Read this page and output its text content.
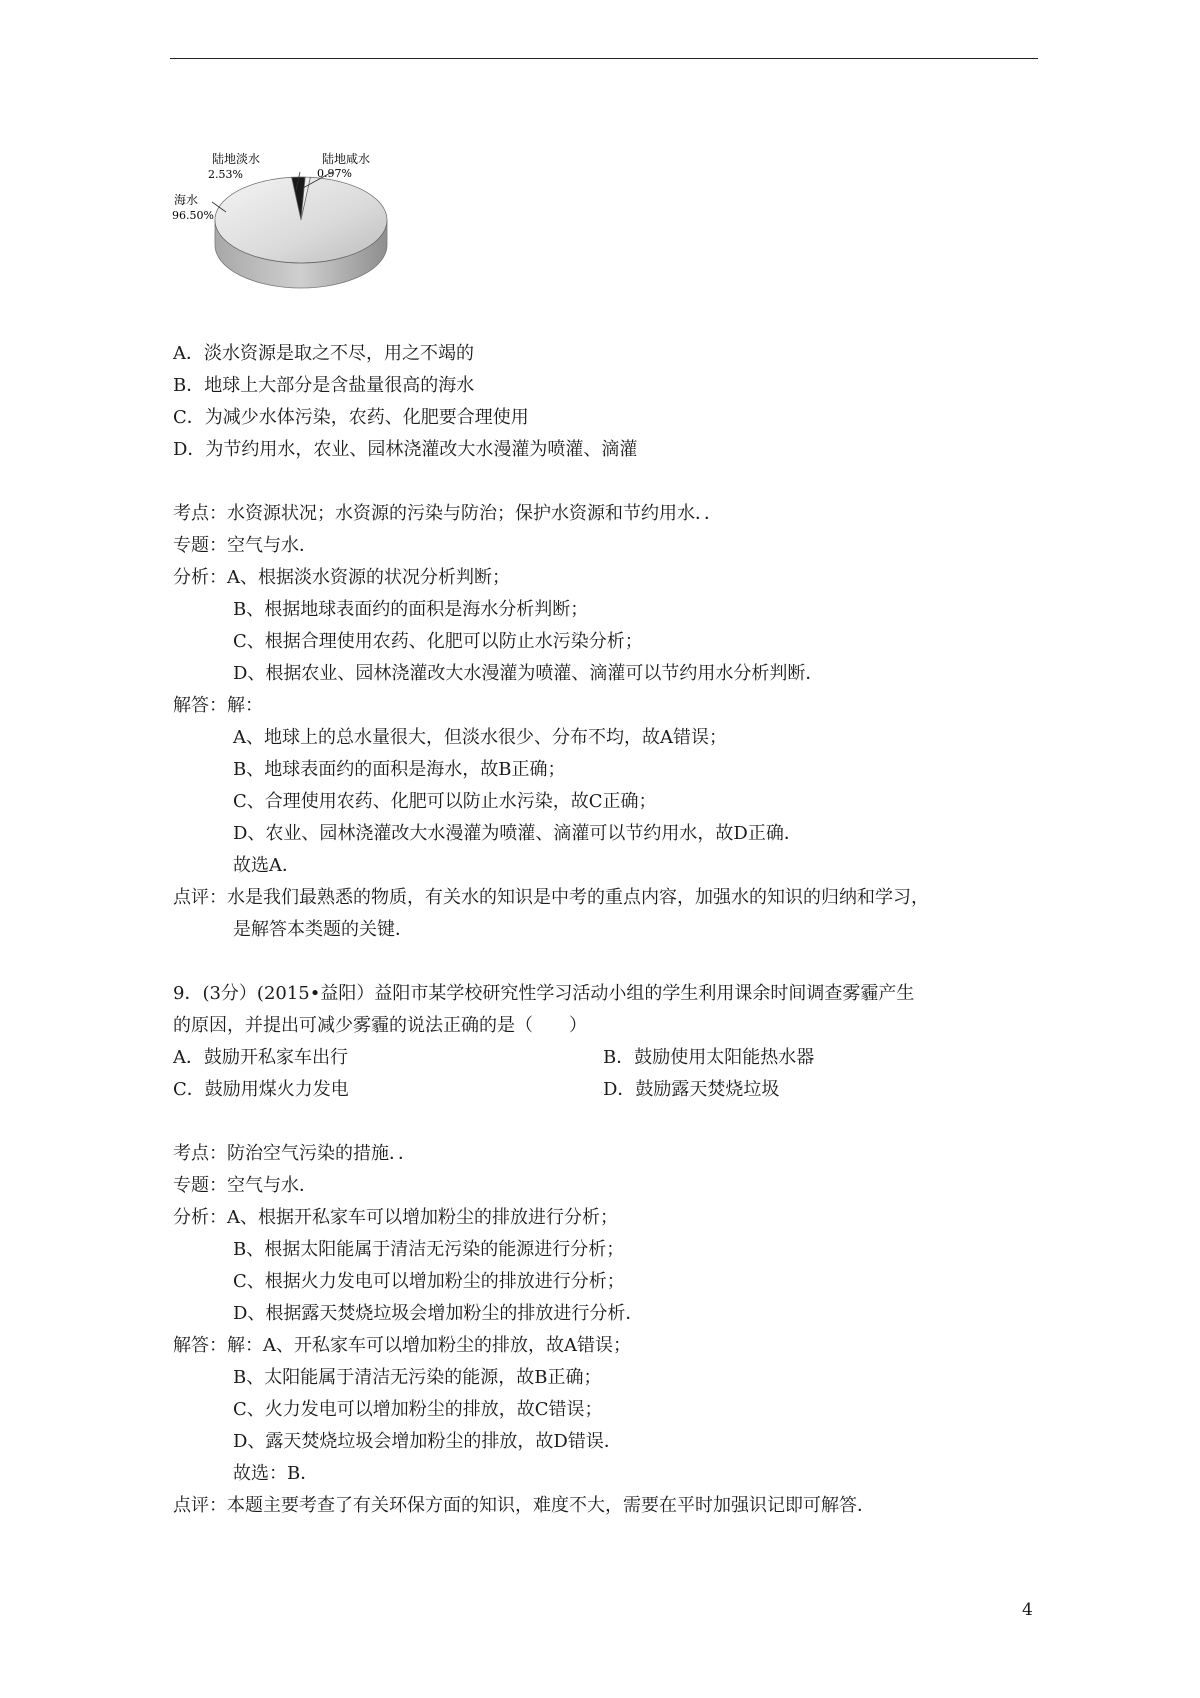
陆地淡水
2.53%
陆地咸水
0.97%
海水
96.50%
A．淡水资源是取之不尽，用之不竭的
B．地球上大部分是含盐量很高的海水
C．为减少水体污染，农药、化肥要合理使用
D．为节约用水，农业、园林浇灌改大水漫灌为喷灌、滴灌
考点：水资源状况；水资源的污染与防治；保护水资源和节约用水．．
专题：空气与水．
分析：A、根据淡水资源的状况分析判断；
B、根据地球表面约的面积是海水分析判断；
C、根据合理使用农药、化肥可以防止水污染分析；
D、根据农业、园林浇灌改大水漫灌为喷灌、滴灌可以节约用水分析判断．
解答：解：
A、地球上的总水量很大，但淡水很少、分布不均，故A错误；
B、地球表面约的面积是海水，故B正确；
C、合理使用农药、化肥可以防止水污染，故C正确；
D、农业、园林浇灌改大水漫灌为喷灌、滴灌可以节约用水，故D正确．
故选A．
点评：水是我们最熟悉的物质，有关水的知识是中考的重点内容，加强水的知识的归纳和学习，
是解答本类题的关键．
9．(3分）(2015•益阳）益阳市某学校研究性学习活动小组的学生利用课余时间调查雾霾产生
的原因，并提出可减少雾霾的说法正确的是（　　）
A．鼓励开私家车出行	B．鼓励使用太阳能热水器
C．鼓励用煤火力发电	D．鼓励露天焚烧垃圾
考点：防治空气污染的措施．．
专题：空气与水．
分析：A、根据开私家车可以增加粉尘的排放进行分析；
B、根据太阳能属于清洁无污染的能源进行分析；
C、根据火力发电可以增加粉尘的排放进行分析；
D、根据露天焚烧垃圾会增加粉尘的排放进行分析．
解答：解：A、开私家车可以增加粉尘的排放，故A错误；
B、太阳能属于清洁无污染的能源，故B正确；
C、火力发电可以增加粉尘的排放，故C错误；
D、露天焚烧垃圾会增加粉尘的排放，故D错误．
故选：B．
点评：本题主要考查了有关环保方面的知识，难度不大，需要在平时加强识记即可解答．
4
